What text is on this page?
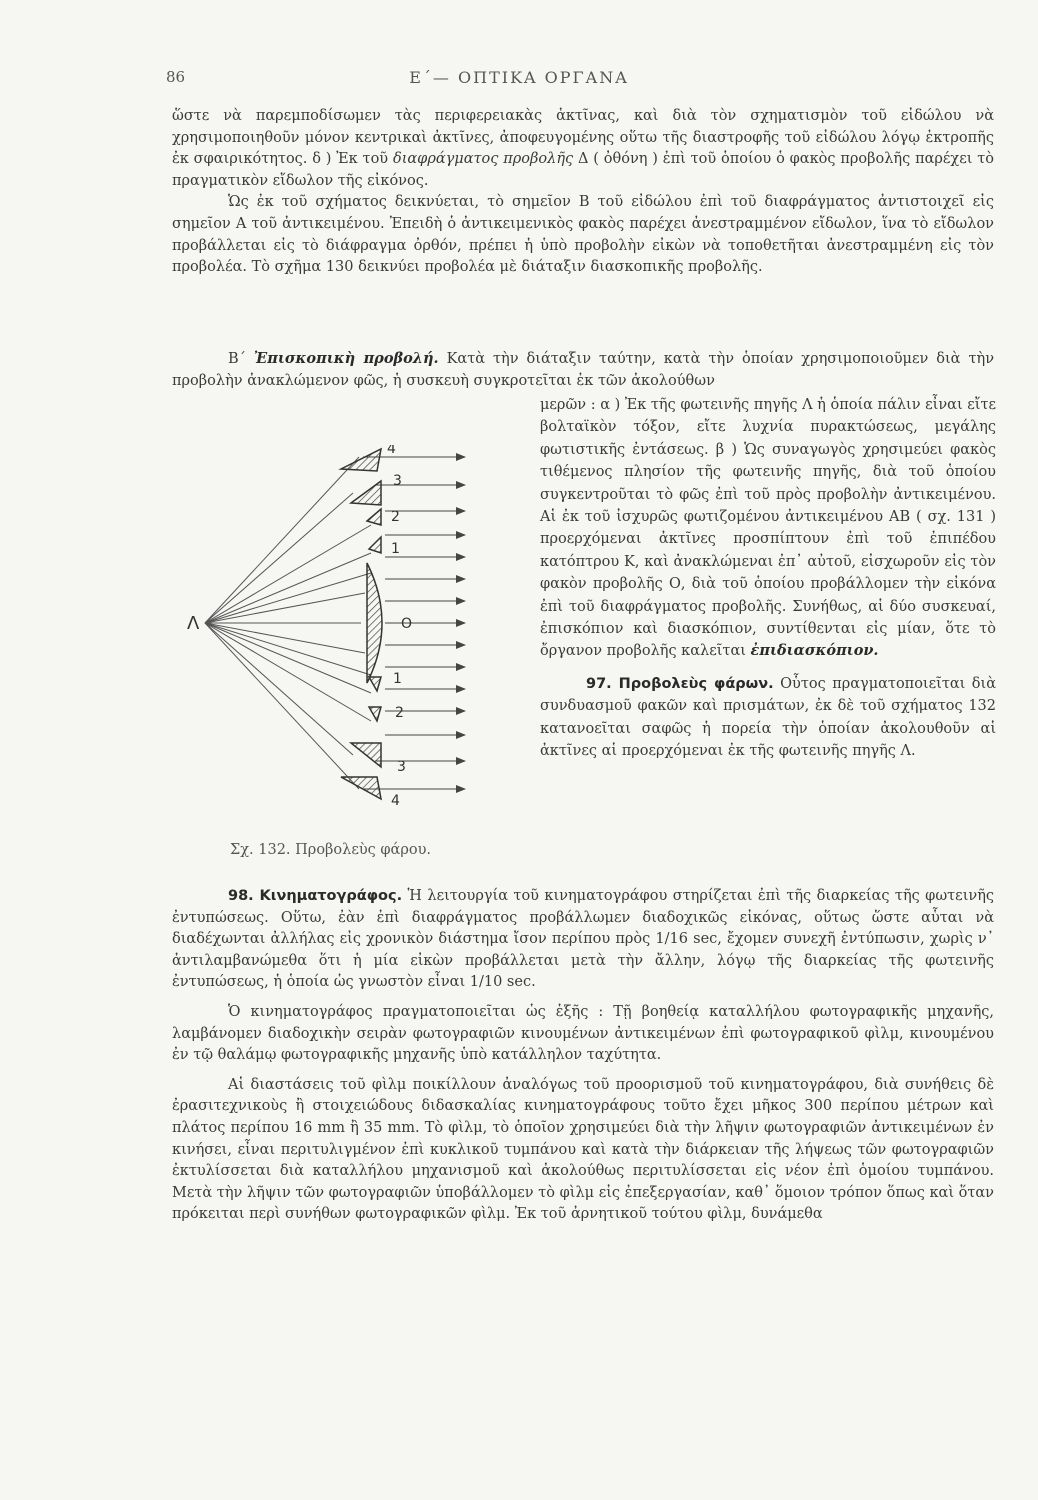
86	Ε΄— ΟΠΤΙΚΑ ΟΡΓΑΝΑ

ὥστε νὰ παρεμποδίσωμεν τὰς περιφερειακὰς ἀκτῖνας, καὶ διὰ τὸν σχηματισμὸν τοῦ εἰδώλου νὰ χρησιμοποιηθοῦν μόνον κεντρικαὶ ἀκτῖνες, ἀποφευγομένης οὕτω τῆς διαστροφῆς τοῦ εἰδώλου λόγῳ ἐκτροπῆς ἐκ σφαιρικότητος. δ ) Ἐκ τοῦ διαφράγματος προβολῆς Δ ( ὀθόνη ) ἐπὶ τοῦ ὁποίου ὁ φακὸς προβολῆς παρέχει τὸ πραγματικὸν εἴδωλον τῆς εἰκόνος.

Ὡς ἐκ τοῦ σχήματος δεικνύεται, τὸ σημεῖον Β τοῦ εἰδώλου ἐπὶ τοῦ διαφράγματος ἀντιστοιχεῖ εἰς σημεῖον Α τοῦ ἀντικειμένου. Ἐπειδὴ ὁ ἀντικειμενικὸς φακὸς παρέχει ἀνεστραμμένον εἴδωλον, ἵνα τὸ εἴδωλον προβάλλεται εἰς τὸ διάφραγμα ὀρθόν, πρέπει ἡ ὑπὸ προβολὴν εἰκὼν νὰ τοποθετῆται ἀνεστραμμένη εἰς τὸν προβολέα. Τὸ σχῆμα 130 δεικνύει προβολέα μὲ διάταξιν διασκοπικῆς προβολῆς.

Β΄ Ἐπισκοπικὴ προβολή. Κατὰ τὴν διάταξιν ταύτην, κατὰ τὴν ὁποίαν χρησιμοποιοῦμεν διὰ τὴν προβολὴν ἀνακλώμενον φῶς, ἡ συσκευὴ συγκροτεῖται ἐκ τῶν ἀκολούθων

μερῶν : α ) Ἐκ τῆς φωτεινῆς πηγῆς Λ ἡ ὁποία πάλιν εἶναι εἴτε βολταϊκὸν τόξον, εἴτε λυχνία πυρακτώσεως, μεγάλης φωτιστικῆς ἐντάσεως. β ) Ὡς συναγωγὸς χρησιμεύει φακὸς τιθέμενος πλησίον τῆς φωτεινῆς πηγῆς, διὰ τοῦ ὁποίου συγκεντροῦται τὸ φῶς ἐπὶ τοῦ πρὸς προβολὴν ἀντικειμένου. Αἱ ἐκ τοῦ ἰσχυρῶς φωτιζομένου ἀντικειμένου ΑΒ ( σχ. 131 ) προερχόμεναι ἀκτῖνες προσπίπτουν ἐπὶ τοῦ ἐπιπέδου κατόπτρου Κ, καὶ ἀνακλώμεναι ἐπ᾽ αὐτοῦ, εἰσχωροῦν εἰς τὸν φακὸν προβολῆς Ο, διὰ τοῦ ὁποίου προβάλλομεν τὴν εἰκόνα ἐπὶ τοῦ διαφράγματος προβολῆς. Συνήθως, αἱ δύο συσκευαί, ἐπισκόπιον καὶ διασκόπιον, συντίθενται εἰς μίαν, ὅτε τὸ ὄργανον προβολῆς καλεῖται ἐπιδιασκόπιον.

97. Προβολεὺς φάρων. Οὗτος πραγματοποιεῖται διὰ συνδυασμοῦ φακῶν καὶ πρισμάτων, ἐκ δὲ τοῦ σχήματος 132 κατανοεῖται σαφῶς ἡ πορεία τὴν ὁποίαν ἀκολουθοῦν αἱ ἀκτῖνες αἱ προερχόμεναι ἐκ τῆς φωτεινῆς πηγῆς Λ.

Λ	Ο
4
3
2
1
1
2
3
4
Σχ. 132. Προβολεὺς φάρου.

98. Κινηματογράφος. Ἡ λειτουργία τοῦ κινηματογράφου στηρίζεται ἐπὶ τῆς διαρκείας τῆς φωτεινῆς ἐντυπώσεως. Οὕτω, ἐὰν ἐπὶ διαφράγματος προβάλλωμεν διαδοχικῶς εἰκόνας, οὕτως ὥστε αὗται νὰ διαδέχωνται ἀλλήλας εἰς χρονικὸν διάστημα ἴσον περίπου πρὸς 1/16 sec, ἔχομεν συνεχῆ ἐντύπωσιν, χωρὶς ν᾽ ἀντιλαμβανώμεθα ὅτι ἡ μία εἰκὼν προβάλλεται μετὰ τὴν ἄλλην, λόγῳ τῆς διαρκείας τῆς φωτεινῆς ἐντυπώσεως, ἡ ὁποία ὡς γνωστὸν εἶναι 1/10 sec.

Ὁ κινηματογράφος πραγματοποιεῖται ὡς ἑξῆς : Τῇ βοηθείᾳ καταλλήλου φωτογραφικῆς μηχανῆς, λαμβάνομεν διαδοχικὴν σειρὰν φωτογραφιῶν κινουμένων ἀντικειμένων ἐπὶ φωτογραφικοῦ φὶλμ, κινουμένου ἐν τῷ θαλάμῳ φωτογραφικῆς μηχανῆς ὑπὸ κατάλληλον ταχύτητα.

Αἱ διαστάσεις τοῦ φὶλμ ποικίλλουν ἀναλόγως τοῦ προορισμοῦ τοῦ κινηματογράφου, διὰ συνήθεις δὲ ἐρασιτεχνικοὺς ἢ στοιχειώδους διδασκαλίας κινηματογράφους τοῦτο ἔχει μῆκος 300 περίπου μέτρων καὶ πλάτος περίπου 16 mm ἢ 35 mm. Τὸ φὶλμ, τὸ ὁποῖον χρησιμεύει διὰ τὴν λῆψιν φωτογραφιῶν ἀντικειμένων ἐν κινήσει, εἶναι περιτυλιγμένον ἐπὶ κυκλικοῦ τυμπάνου καὶ κατὰ τὴν διάρκειαν τῆς λήψεως τῶν φωτογραφιῶν ἐκτυλίσσεται διὰ καταλλήλου μηχανισμοῦ καὶ ἀκολούθως περιτυλίσσεται εἰς νέον ἐπὶ ὁμοίου τυμπάνου. Μετὰ τὴν λῆψιν τῶν φωτογραφιῶν ὑποβάλλομεν τὸ φὶλμ εἰς ἐπεξεργασίαν, καθ᾽ ὅμοιον τρόπον ὅπως καὶ ὅταν πρόκειται περὶ συνήθων φωτογραφικῶν φὶλμ. Ἐκ τοῦ ἀρνητικοῦ τούτου φὶλμ, δυνάμεθα
